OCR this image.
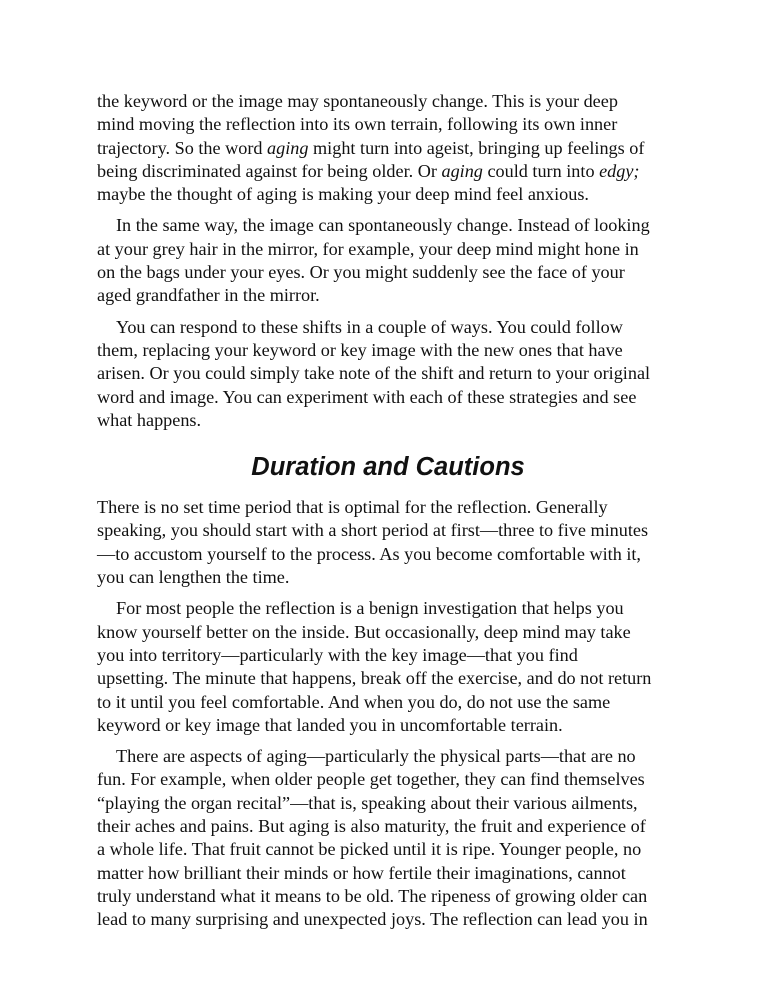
the keyword or the image may spontaneously change. This is your deep
mind moving the reflection into its own terrain, following its own inner
trajectory. So the word aging might turn into ageist, bringing up feelings of
being discriminated against for being older. Or aging could turn into edgy;
maybe the thought of aging is making your deep mind feel anxious.

In the same way, the image can spontaneously change. Instead of looking
at your grey hair in the mirror, for example, your deep mind might hone in
on the bags under your eyes. Or you might suddenly see the face of your
aged grandfather in the mirror.

You can respond to these shifts in a couple of ways. You could follow
them, replacing your keyword or key image with the new ones that have
arisen. Or you could simply take note of the shift and return to your original
word and image. You can experiment with each of these strategies and see
what happens.

Duration and Cautions

There is no set time period that is optimal for the reflection. Generally
speaking, you should start with a short period at first—three to five minutes
—to accustom yourself to the process. As you become comfortable with it,
you can lengthen the time.

For most people the reflection is a benign investigation that helps you
know yourself better on the inside. But occasionally, deep mind may take
you into territory—particularly with the key image—that you find
upsetting. The minute that happens, break off the exercise, and do not return
to it until you feel comfortable. And when you do, do not use the same
keyword or key image that landed you in uncomfortable terrain.

There are aspects of aging—particularly the physical parts—that are no
fun. For example, when older people get together, they can find themselves
“playing the organ recital”—that is, speaking about their various ailments,
their aches and pains. But aging is also maturity, the fruit and experience of
a whole life. That fruit cannot be picked until it is ripe. Younger people, no
matter how brilliant their minds or how fertile their imaginations, cannot
truly understand what it means to be old. The ripeness of growing older can
lead to many surprising and unexpected joys. The reflection can lead you in
